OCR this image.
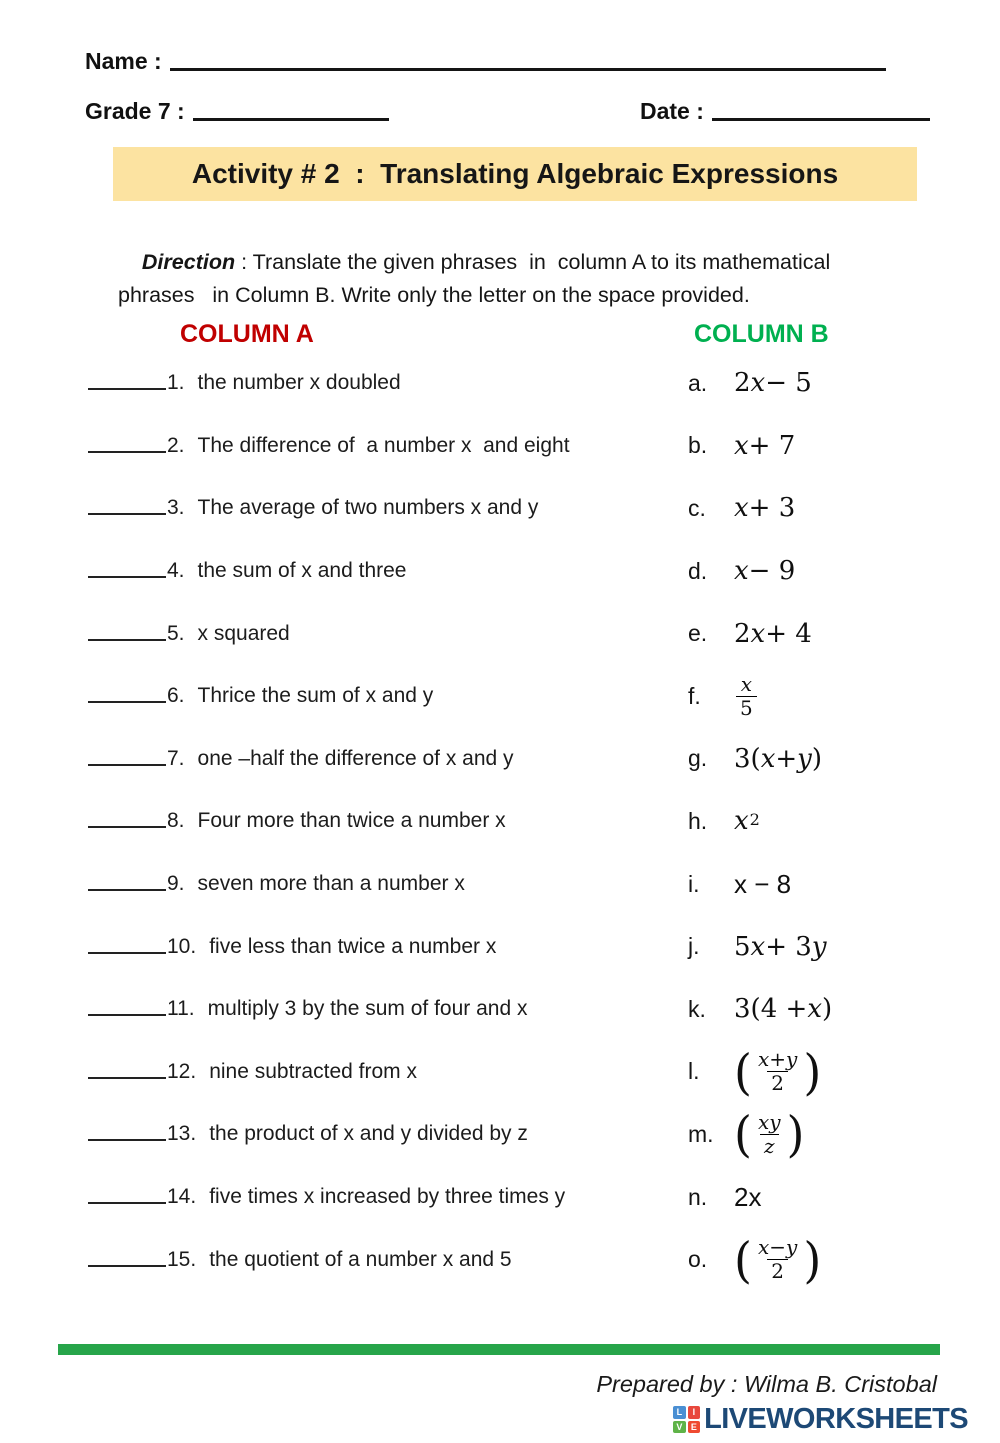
Name :
Grade 7 :	Date :
Activity # 2  :  Translating Algebraic Expressions

Direction : Translate the given phrases  in  column A to its mathematical phrases   in Column B. Write only the letter on the space provided.

COLUMN A	COLUMN B
1. the number x doubled	a.	2 x − 5
2. The difference of  a number x  and eight	b.	x + 7
3. The average of two numbers x and y	c.	x + 3
4. the sum of x and three	d.	x − 9
5. x squared	e.	2 x + 4
6. Thrice the sum of x and y	f.	$\frac{x}{5}$
7. one –half the difference of x and y	g.	3( x + y )
8. Four more than twice a number x	h.	x 2
9. seven more than a number x	i.	x − 8
10. five less than twice a number x	j.	5 x + 3 y
11. multiply 3 by the sum of four and x	k.	3(4 + x )
12. nine subtracted from x	l. ( $\frac{x+y}{2}$ )
13. the product of x and y divided by z	m. ( $\frac{xy}{z}$ )
14. five times x increased by three times y	n.	2x
15. the quotient of a number x and 5	o. ( $\frac{x-y}{2}$ )
Prepared by : Wilma B. Cristobal
L	I
V E LIVEWORKSHEETS
